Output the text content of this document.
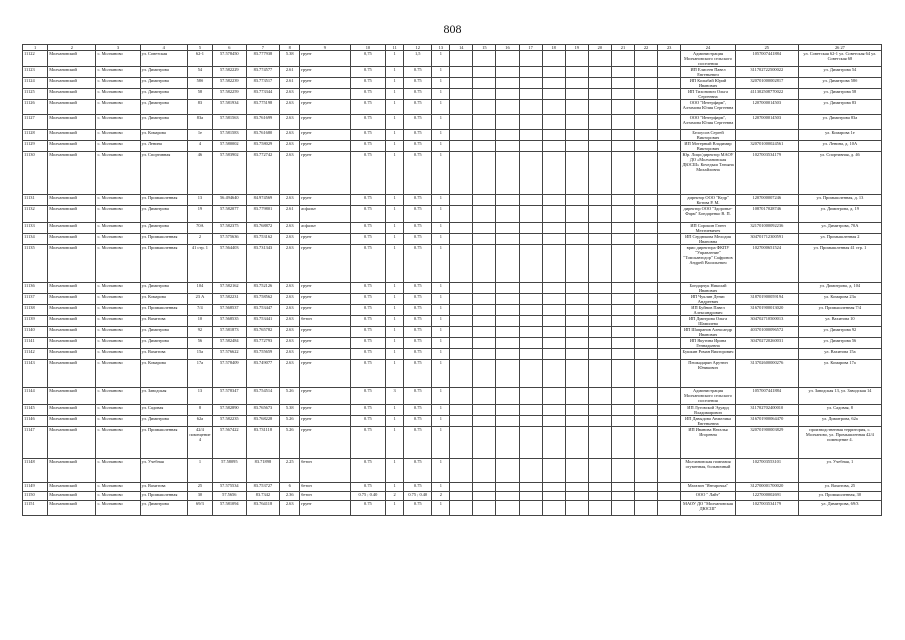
808
1	2	3	4	5	6	7	8	9	10	11	12	13	14	15	16	17	18	19	20	21	22	23	24	25	26 27
11122	Молчановский	с. Молчаново	ул. Советская	62-1	57.578450	83.777938	5.38	грунт	0,75	1	1,5	1											Администрация Молчановского сельского поселения	1057007441884	ул. Советская 62-1 ул. Советская 64 ул. Советская 68
11123	Молчановский	с. Молчаново	ул. Димитрова	54	57.582229	83.774577	2.61	грунт	0.75	1	0.75	1											ИП Елисеев Павел Евгеньевич	311702722500022	ул. Димитрова 54
11124	Молчановский	с. Молчаново	ул. Димитрова	58б	57.582239	83.773517	2.61	грунт	0.75	1	0.75	1											ИП Колыбай Юрий Иванович	320701000002817	ул. Димитрова 58б
11125	Молчановский	с. Молчаново	ул. Димитрова	58	57.582259	83.773344	2.63	грунт	0.75	1	0.75	1											ИП Тихонович Ольга Сергеевна	411302508770022	ул. Димитрова 58
11126	Молчановский	с. Молчаново	ул. Димитрова	83	57.581934	83.775198	2.63	грунт	0.75	1	0.75	1											ООО "Интерфарм", Алтамова Юлия Сергеевна	1207000014503	ул. Димитрова 83
11127	Молчановский	с. Молчаново	ул. Димитрова	83а	57.581563	83.761699	2.63	грунт	0.75	1	0.75	1											ООО "Интерфарм", Алтамова Юлия Сергеевна	1207000014503	ул. Димитрова 83а
11128	Молчановский	с. Молчаново	ул. Комарова	1е	57.581583	83.761680	2.63	грунт	0.75	1	0.75	1											Белоусов Сергей Викторович		ул. Комарова 1е
11129	Молчановский	с. Молчаново	ул. Ленина	4	57.580002	83.758029	2.63	грунт	0.75	1	0.75	1											ИП Мотерный Владимир Викторович	320701000024561	ул. Ленина, д. 10А
11130	Молчановский	с. Молчаново	ул. Спортивная	46	57.583902	83.772742	2.63	грунт	0.75	1	0.75	1											Юр. Лицо/директор МАОУ ДО «Молчановская ДЮСШ» Кочедыш Татьяна Михайловна	1027003534179	ул. Спортивная, д. 46
11131	Молчановский	с. Молчаново	ул. Промышленная	13	56.494640	84.974569	2.63	грунт	0.75	1	0.75	1											директор ООО "Кедр" Котова Р. М.	1207000007246	ул. Промышленная, д. 13
11132	Молчановский	с. Молчаново	ул. Димитрова	19	57.582077	83.779801	2.61	асфальт	0.75	1	0.75	1											директор ООО "Здоровье-Фарм" Бондаренко В. П.	1087017028746	ул. Димитрова, д. 19
11133	Молчановский	с. Молчаново	ул. Димитрова	70А	57.582375	83.768872	2.63	асфальт	0.75	1	0.75	1											ИП Сорокин Гатен Мехтиевичеч	321701000092236	ул. Димитрова, 70А
11134	Молчановский	с. Молчаново	ул. Промышленная	2	57.575636	83.753162	2.63	грунт	0.75	1	0.75	1											ИП Сердюкова Мелодия Ивановна	304701712300591	ул. Промышленная 2
11135	Молчановский	с. Молчаново	ул. Промышленная	41 стр. 1	57.564403	83.731343	2.63	грунт	0.75	1	0.75	1											врио директора ФКПУ "Управление" "Томскавтодор" Сафронов Андрей Васильевич	1027000651524	ул. Промышленная 41 стр. 1
11136	Молчановский	с. Молчаново	ул. Димитрова	104	57.582162	83.752126	2.63	грунт	0.75	1	0.75	1											Бондарчук Николай Иванович		ул. Димитрова, д. 104
11137	Молчановский	с. Молчаново	ул. Комарова	23 А	57.582231	83.758562	2.63	грунт	0.75	1	0.75	1											ИП Чуклин Денис Андреевич	318701900059194	ул. Комарова 23а
11138	Молчановский	с. Молчаново	ул. Промышленная	7/4	57.568537	83.753447	2.63	грунт	0.75	1	0.75	1											ИП Буйнов Павел Александрович	316701900013020	ул. Промышленная 7/4
11139	Молчановский	с. Молчаново	ул. Вахитова	10	57.568535	83.753441	2.63	бетон	0.75	1	0.75	1											ИП Дмитрова Ольга Шамилева	304702710500013	ул. Вахитова 10
11140	Молчановский	с. Молчаново	ул. Димитрова	92	57.581873	83.765782	2.63	грунт	0.75	1	0.75	1											ИП Шапранов Александр Иванович	403701000096572	ул. Димитрова 92
11141	Молчановский	с. Молчаново	ул. Димитрова	56	57.582484	83.772793	2.63	грунт	0.75	1	0.75	1											ИП Якутина Ирина Геннадьевна	304702720260031	ул. Димитрова 56
11142	Молчановский	с. Молчаново	ул. Вахитова	15а	57.576622	83.755659	2.63	грунт	0.75	1	0.75	1											Бушкин Роман Викторович		ул. Вахитова 15а
11143	Молчановский	с. Молчаново	ул. Комарова	17а	57.578409	83.749077	2.63	грунт	0.75	1	0.75	1											Пешкадарян Арутюн Юникович	313702600000276	ул. Комарова 17а
11144	Молчановский	с. Молчаново	ул. Заводская	13	57.578347	83.754514	5.26	грунт	0.75	3	0.75	1											Администрация Молчановского сельского поселения	1057007441884	ул. Заводская 13, ул. Заводская 14
11145	Молчановский	с. Молчаново	ул. Садовая	8	57.582890	83.765673	5.38	грунт	0.75	1	0.75	1											ИП Луговской Эдуард Владимирович	311702702400010	ул. Садовая, 8
11146	Молчановский	с. Молчаново	ул. Димитрова	62а	57.582235	83.768228	5.26	грунт	0.75	1	0.75	1											ИП Давыдова Анжелика Евгеньевна	316701900064470	ул. Димитрова, 62а
11147	Молчановский	с. Молчаново	ул. Промышленная	42/4 помещение 4	57.567422	83.731118	5.26	грунт	0.75	1	0.75	1											ИП Иванова Наталья Игоревна	320701900003829	производственная территория, с. Молчаново, ул. Промышленная 42/4 помещение 4.
11148	Молчановский	с. Молчаново	ул. Учебная	1	57.58095	83.71898	2.25	бетон	0.75	1	0.75	1											Молчановская гимназия огуменная, больничный	1027003553101	ул. Учебная, 1
11149	Молчановский	с. Молчаново	ул. Вахитова	25	57.575534	83.753727	6	бетон	0.75	1	0.75	1											Магазин "Янтарочка"	312700001700020	ул. Вахитова, 25
11150	Молчановский	с. Молчаново	ул. Промышленная	30	57.5656	83.7342	2.36	бетон	0.75 ; 0.40	2	0.75 ; 0.40	2											ООО " Лайт"	1227000002691	ул. Промышленная, 30
11151	Молчановский	с. Молчаново	ул. Димитрова	69/3	57.581094	83.764118	2.63	грунт	0.75	1	0.75	1											МАОУ ДО "Молчановская ДЮСШ"	1027003534179	ул. Димитрова, 69/3
